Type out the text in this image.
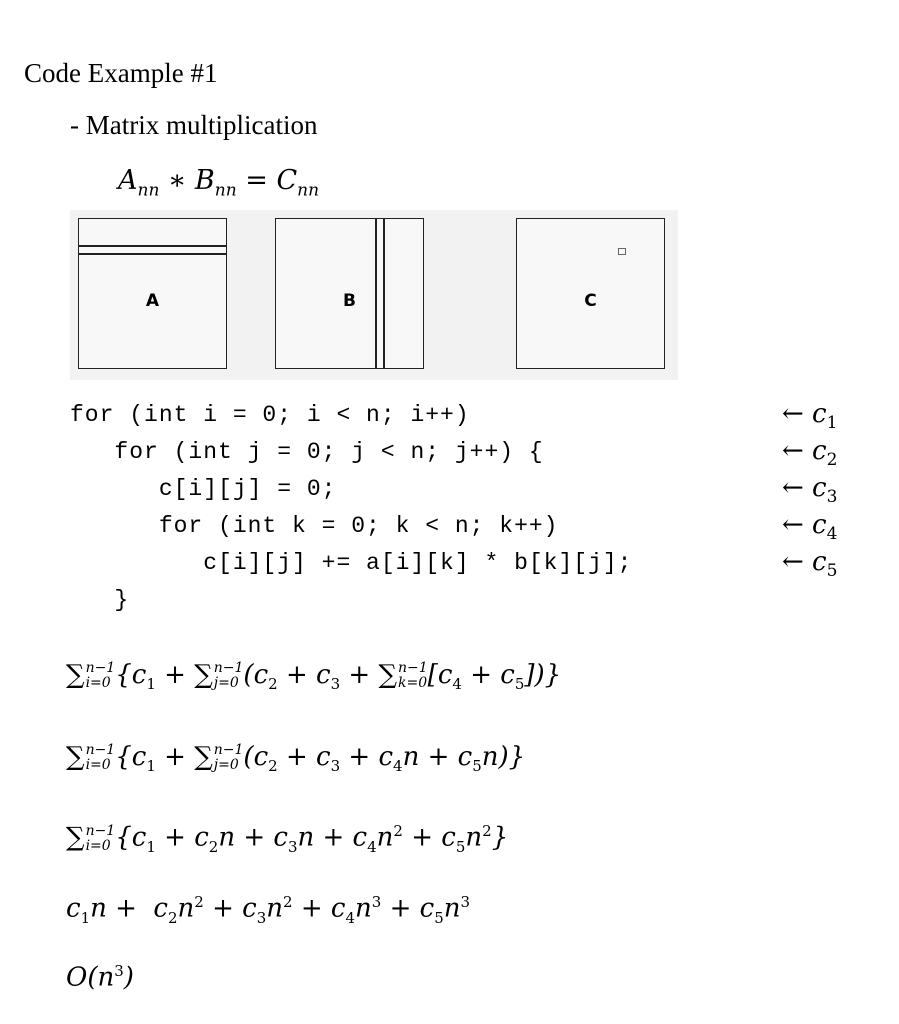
Code Example #1
- Matrix multiplication
$A_{nn}$ ∗ $B_{nn} = C_{nn}$
A	B	C
for (int i = 0; i < n; i++)
for (int j = 0; j < n; j++) {
c[i][j] = 0;
for (int k = 0; k < n; k++)
c[i][j] += a[i][k] * b[k][j];
}
← $c_1$
← $c_2$
← $c_3$
← $c_4$
← $c_5$
∑ n−1
i=0 {$c_1$ + ∑ n−1
j=0 ($c_2 + c_3$ + ∑ n−1
k=0 $[c_4 + c_5]$)}
∑ n−1
i=0 {$c_1$ + ∑ n−1
j=0 $(c_2 + c_3 + c_4n + c_5n)$}
∑ n−1
i=0 $\{c_1 + c_2n + c_3n + c_4n^2 + c_5n^2\}$
$c_1n + c_2n^2 + c_3n^2 + c_4n^3 + c_5n^3$
$O(n^3)$
